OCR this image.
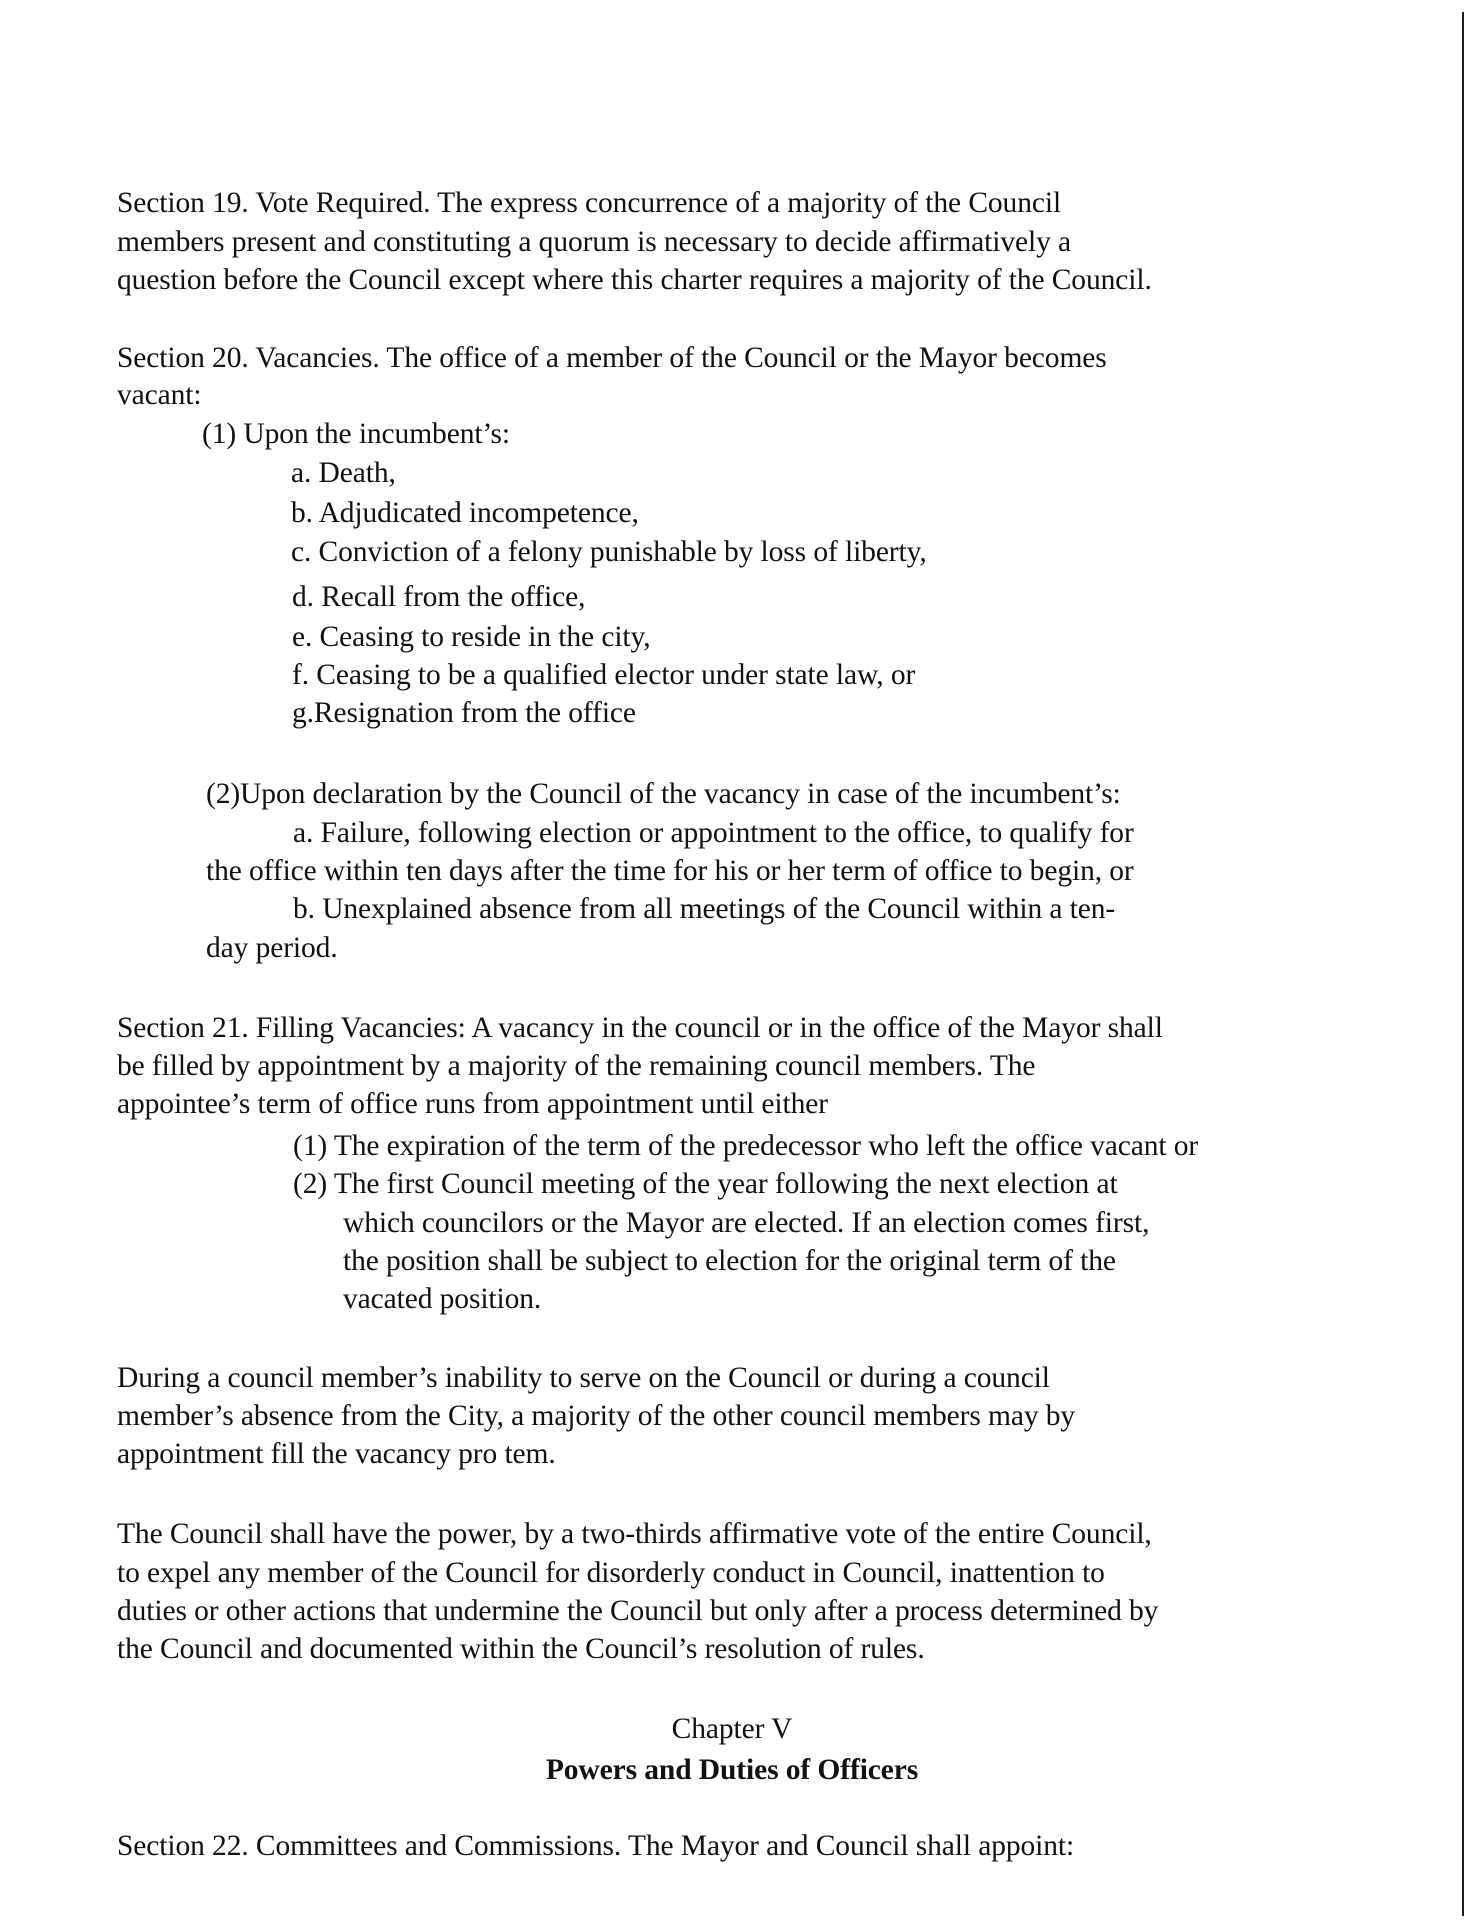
Section 19. Vote Required. The express concurrence of a majority of the Council
members present and constituting a quorum is necessary to decide affirmatively a
question before the Council except where this charter requires a majority of the Council.
Section 20. Vacancies. The office of a member of the Council or the Mayor becomes
vacant:
(1) Upon the incumbent’s:
a. Death,
b. Adjudicated incompetence,
c. Conviction of a felony punishable by loss of liberty,
d. Recall from the office,
e. Ceasing to reside in the city,
f. Ceasing to be a qualified elector under state law, or
g.Resignation from the office
(2)Upon declaration by the Council of the vacancy in case of the incumbent’s:
a. Failure, following election or appointment to the office, to qualify for
the office within ten days after the time for his or her term of office to begin, or
b. Unexplained absence from all meetings of the Council within a ten-
day period.
Section 21. Filling Vacancies: A vacancy in the council or in the office of the Mayor shall
be filled by appointment by a majority of the remaining council members. The
appointee’s term of office runs from appointment until either
(1) The expiration of the term of the predecessor who left the office vacant or
(2) The first Council meeting of the year following the next election at
which councilors or the Mayor are elected. If an election comes first,
the position shall be subject to election for the original term of the
vacated position.
During a council member’s inability to serve on the Council or during a council
member’s absence from the City, a majority of the other council members may by
appointment fill the vacancy pro tem.
The Council shall have the power, by a two-thirds affirmative vote of the entire Council,
to expel any member of the Council for disorderly conduct in Council, inattention to
duties or other actions that undermine the Council but only after a process determined by
the Council and documented within the Council’s resolution of rules.
Chapter V
Powers and Duties of Officers
Section 22. Committees and Commissions. The Mayor and Council shall appoint:
